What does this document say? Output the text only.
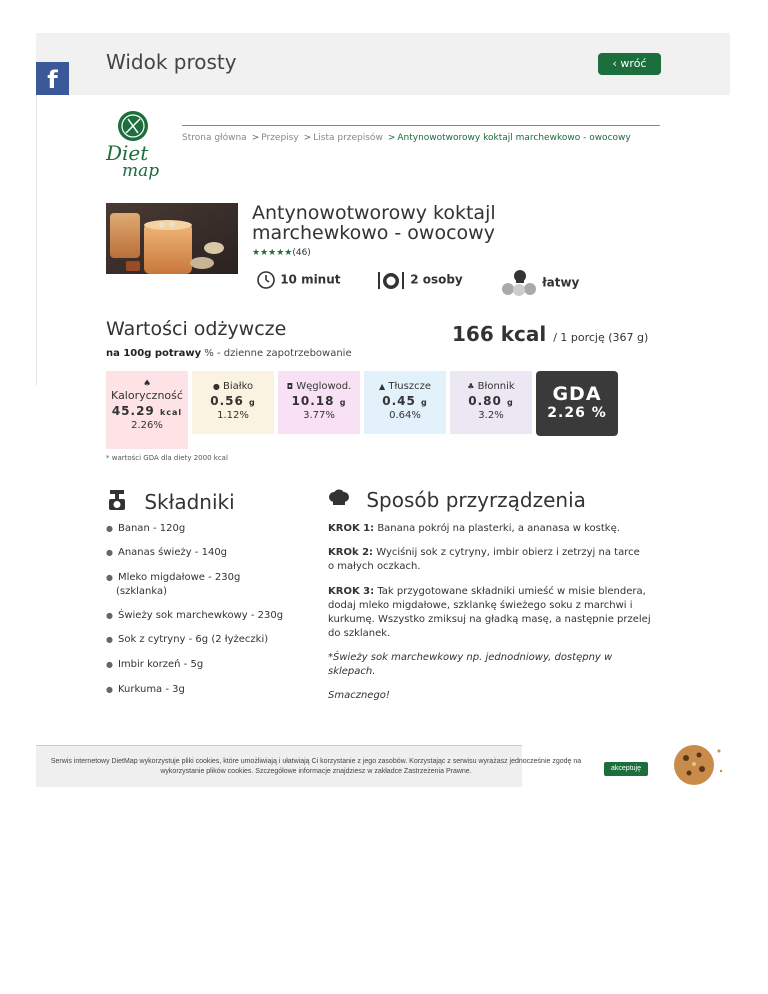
f
Widok prosty	‹ wróć
Diet
map
Strona główna > Przepisy > Lista przepisów > Antynowotworowy koktajl marchewkowo - owocowy
Antynowotworowy koktajl marchewkowo - owocowy
★★★★★(46)
10 minut	2 osoby	łatwy
Wartości odżywcze	166 kcal / 1 porcję (367 g)
na 100g potrawy % - dzienne zapotrzebowanie
♠
Kaloryczność
45.29 kcal
2.26%
● Białko
0.56 g
1.12%
◘ Węglowod.
10.18 g
3.77%
▲ Tłuszcze
0.45 g
0.64%
♣ Błonnik
0.80 g
3.2%
GDA
2.26 %
* wartości GDA dla diety 2000 kcal
Składniki
● Banan - 120g
● Ananas świeży - 140g
● Mleko migdałowe - 230g (szklanka)
● Świeży sok marchewkowy - 230g
● Sok z cytryny - 6g (2 łyżeczki)
● Imbir korzeń - 5g
● Kurkuma - 3g
Sposób przyrządzenia
KROK 1: Banana pokrój na plasterki, a ananasa w kostkę.
KROk 2: Wyciśnij sok z cytryny, imbir obierz i zetrzyj na tarce o małych oczkach.
KROK 3: Tak przygotowane składniki umieść w misie blendera, dodaj mleko migdałowe, szklankę świeżego soku z marchwi i kurkumę. Wszystko zmiksuj na gładką masę, a następnie przelej do szklanek.
*Świeży sok marchewkowy np. jednodniowy, dostępny w sklepach.
Smacznego!
Serwis internetowy DietMap wykorzystuje pliki cookies, które umożliwiają i ułatwiają Ci korzystanie z jego zasobów. Korzystając z serwisu wyrażasz jednocześnie zgodę na wykorzystanie plików cookies. Szczegółowe informacje znajdziesz w zakładce Zastrzeżenia Prawne.	akceptuję
